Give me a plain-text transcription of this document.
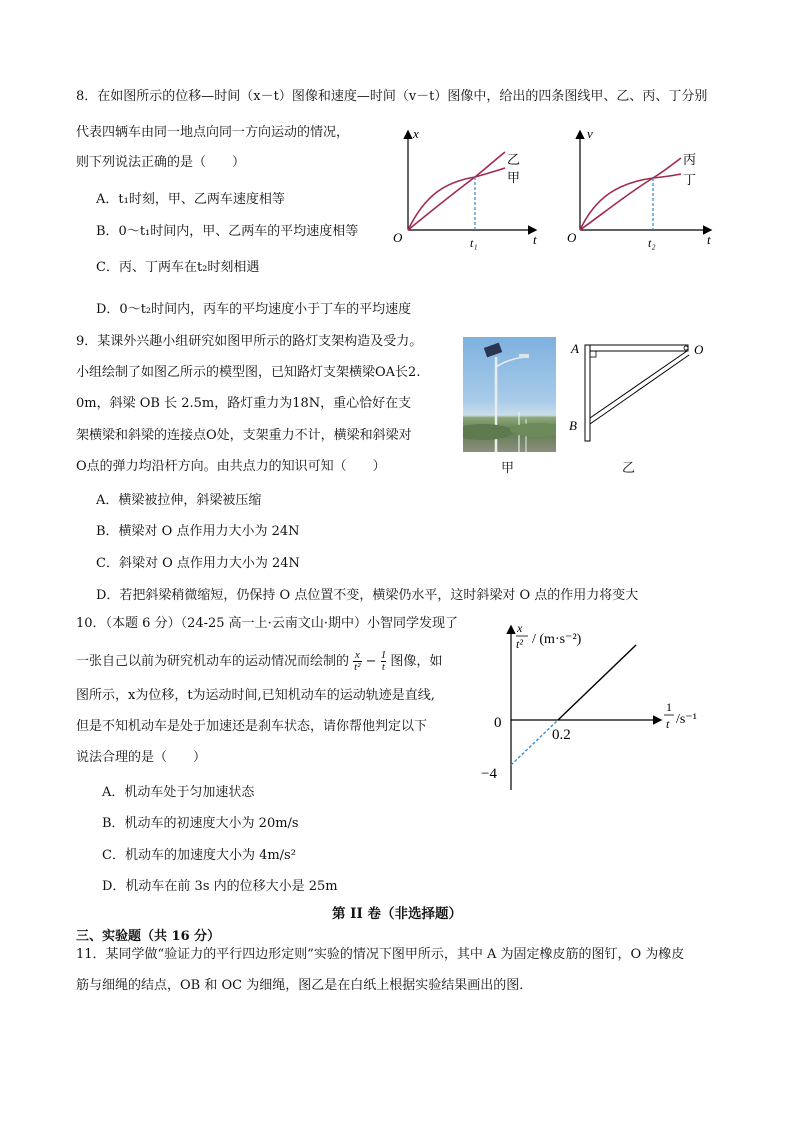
8．在如图所示的位移—时间（x－t）图像和速度—时间（v－t）图像中，给出的四条图线甲、乙、丙、丁分别
代表四辆车由同一地点向同一方向运动的情况，
则下列说法正确的是（　　）
A．t₁时刻，甲、乙两车速度相等
B．0～t₁时间内，甲、乙两车的平均速度相等
C．丙、丁两车在t₂时刻相遇
D．0～t₂时间内，丙车的平均速度小于丁车的平均速度
x
t
O	t₁
乙
甲
v
t
O	t₂
丙
丁
9．某课外兴趣小组研究如图甲所示的路灯支架构造及受力。
小组绘制了如图乙所示的模型图，已知路灯支架横梁OA长2.
0m，斜梁 OB 长 2.5m，路灯重力为18N，重心恰好在支
架横梁和斜梁的连接点O处，支架重力不计，横梁和斜梁对
O点的弹力均沿杆方向。由共点力的知识可知（　　）
A．横梁被拉伸，斜梁被压缩
B．横梁对 O 点作用力大小为 24N
C．斜梁对 O 点作用力大小为 24N
D．若把斜梁稍微缩短，仍保持 O 点位置不变，横梁仍水平，这时斜梁对 O 点的作用力将变大
甲
A	O
B
乙
10．（本题 6 分）（24-25 高一上·云南文山·期中）小智同学发现了
一张自己以前为研究机动车的运动情况而绘制的 x
t² − 1
t 图像，如
图所示，x为位移，t为运动时间,已知机动车的运动轨迹是直线,
但是不知机动车是处于加速还是刹车状态，请你帮他判定以下
说法合理的是（　　）
A．机动车处于匀加速状态
B．机动车的初速度大小为 20m/s
C．机动车的加速度大小为 4m/s²
D．机动车在前 3s 内的位移大小是 25m
x
t² / (m·s⁻²)
1
t /s⁻¹
0
0.2
−4
第 II 卷（非选择题）
三、实验题（共 16 分）
11．某同学做“验证力的平行四边形定则”实验的情况下图甲所示，其中 A 为固定橡皮筋的图钉，O 为橡皮
筋与细绳的结点，OB 和 OC 为细绳，图乙是在白纸上根据实验结果画出的图．
